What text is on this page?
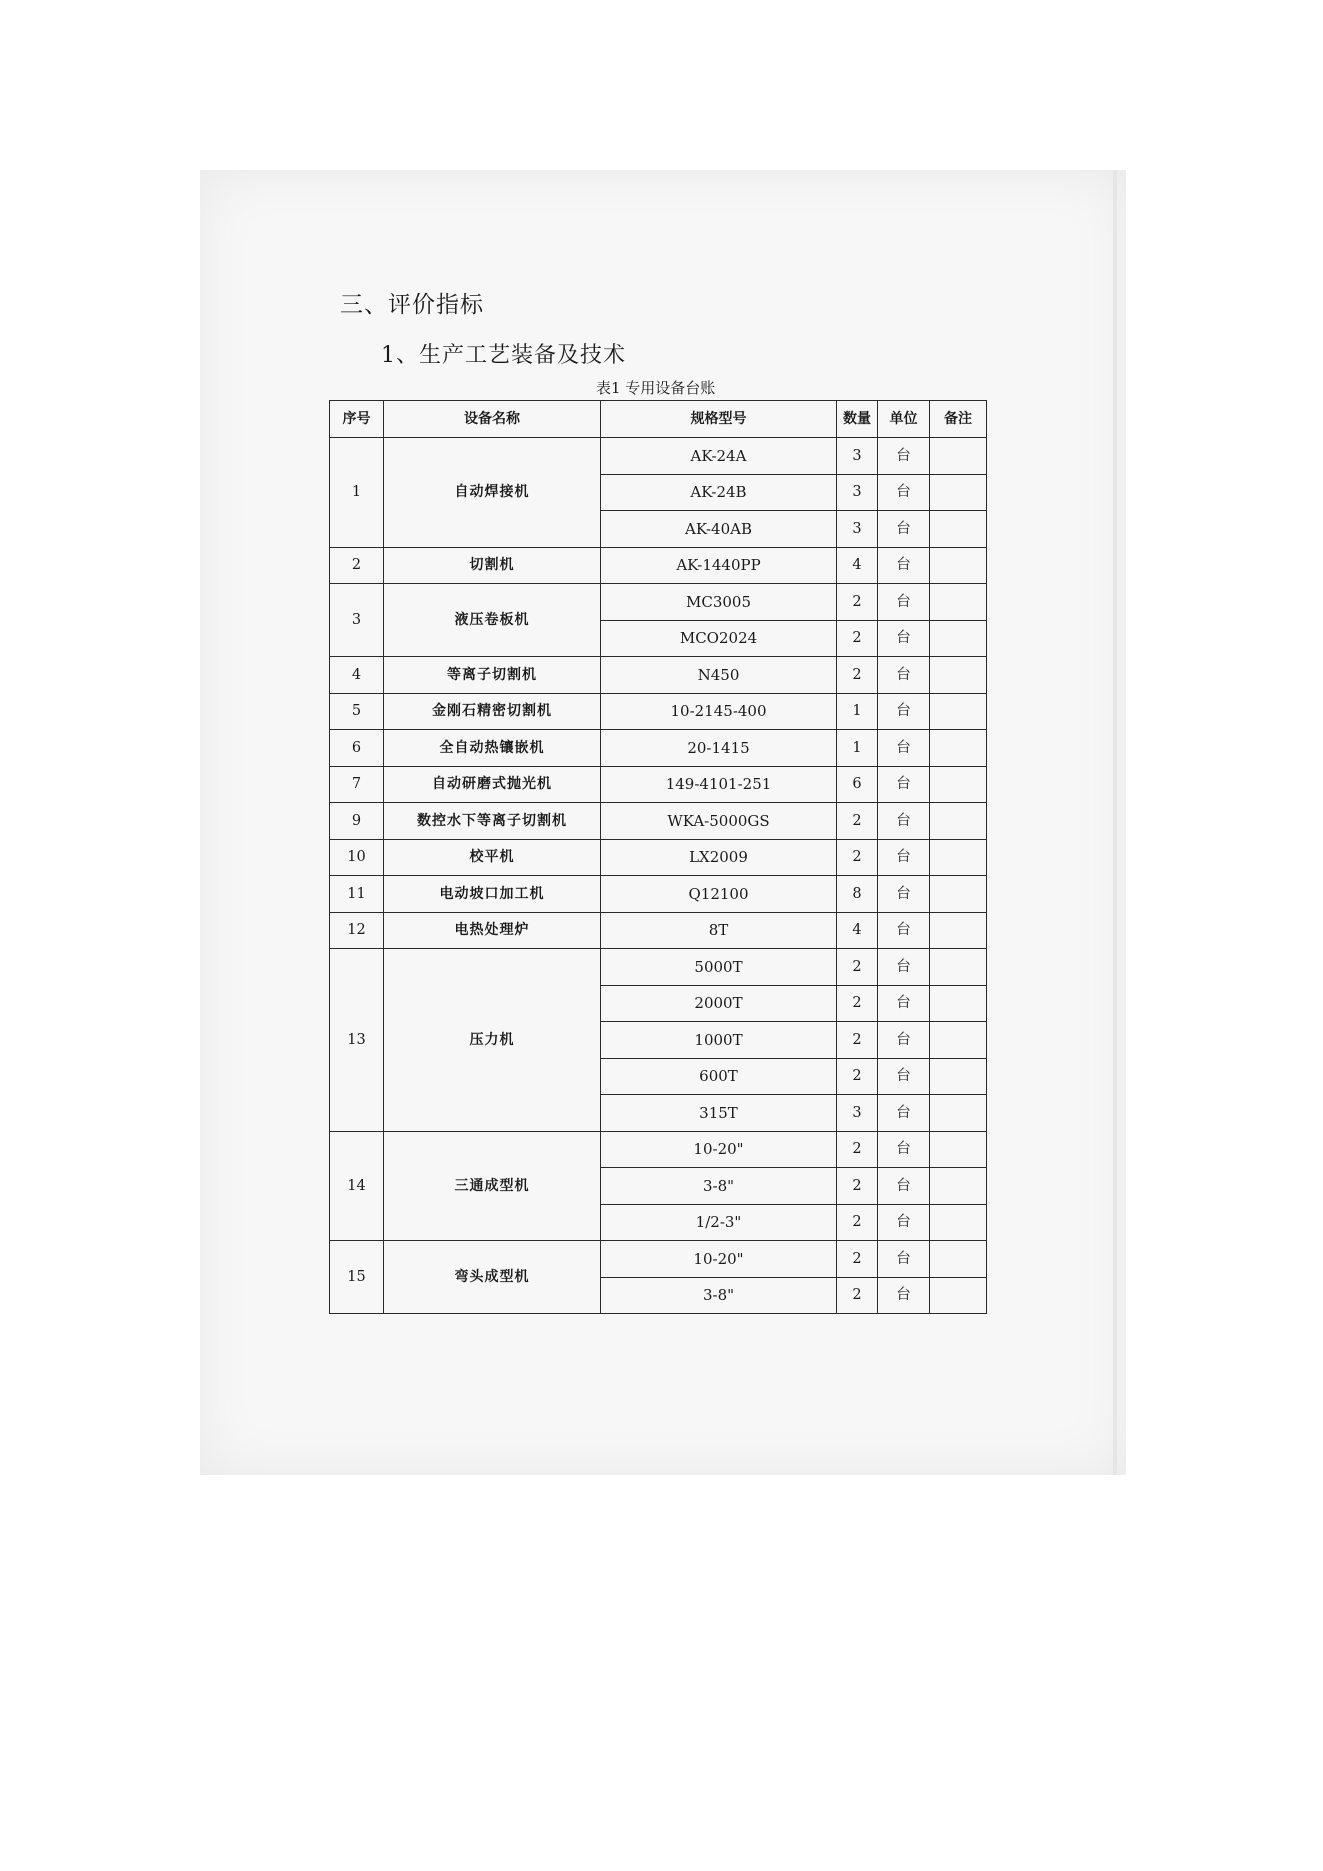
三、评价指标
1、生产工艺装备及技术
表1 专用设备台账
序号	设备名称	规格型号	数量	单位	备注
1	自动焊接机	AK-24A	3	台	
		AK-24B	3	台	
		AK-40AB	3	台	
2	切割机	AK-1440PP	4	台	
3	液压卷板机	MC3005	2	台	
		MCO2024	2	台	
4	等离子切割机	N450	2	台	
5	金刚石精密切割机	10-2145-400	1	台	
6	全自动热镶嵌机	20-1415	1	台	
7	自动研磨式抛光机	149-4101-251	6	台	
9	数控水下等离子切割机	WKA-5000GS	2	台	
10	校平机	LX2009	2	台	
11	电动坡口加工机	Q12100	8	台	
12	电热处理炉	8T	4	台	
13	压力机	5000T	2	台	
		2000T	2	台	
		1000T	2	台	
		600T	2	台	
		315T	3	台	
14	三通成型机	10-20"	2	台	
		3-8"	2	台	
		1/2-3"	2	台	
15	弯头成型机	10-20"	2	台	
		3-8"	2	台	
